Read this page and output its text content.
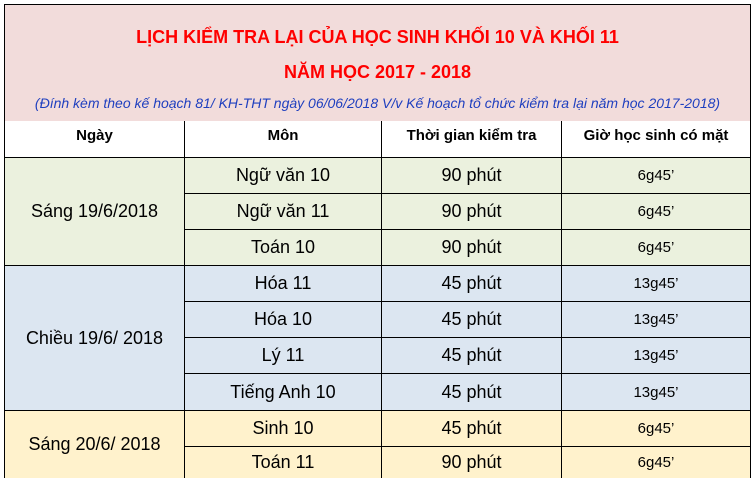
LỊCH KIỂM TRA LẠI CỦA HỌC SINH KHỐI 10 VÀ KHỐI 11
NĂM HỌC 2017 - 2018
(Đính kèm theo kế hoạch 81/ KH-THT ngày 06/06/2018 V/v Kế hoạch tổ chức kiểm tra lại năm học 2017-2018)
Ngày	Môn	Thời gian kiểm tra	Giờ học sinh có mặt
Sáng 19/6/2018
Ngữ văn 10	90 phút	6g45’
Ngữ văn 11	90 phút	6g45’
Toán 10	90 phút	6g45’
Chiều 19/6/ 2018
Hóa 11	45 phút	13g45’
Hóa 10	45 phút	13g45’
Lý 11	45 phút	13g45’
Tiếng Anh 10	45 phút	13g45’
Sáng 20/6/ 2018
Sinh 10	45 phút	6g45’
Toán 11	90 phút	6g45’
